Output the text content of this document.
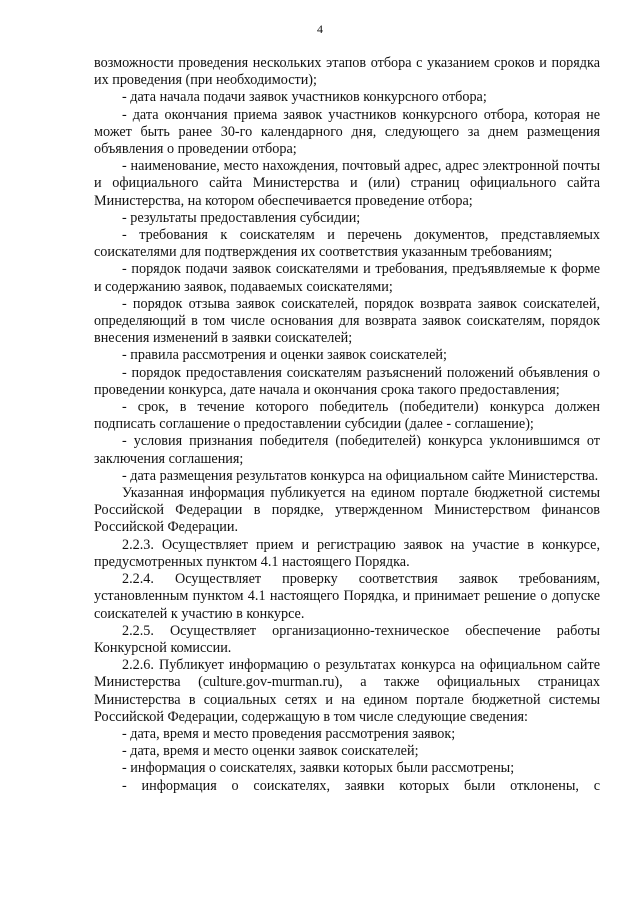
4

возможности проведения нескольких этапов отбора с указанием сроков и порядка их проведения (при необходимости);

- дата начала подачи заявок участников конкурсного отбора;

- дата окончания приема заявок участников конкурсного отбора, которая не может быть ранее 30-го календарного дня, следующего за днем размещения объявления о проведении отбора;

- наименование, место нахождения, почтовый адрес, адрес электронной почты и официального сайта Министерства и (или) страниц официального сайта Министерства, на котором обеспечивается проведение отбора;

- результаты предоставления субсидии;

- требования к соискателям и перечень документов, представляемых соискателями для подтверждения их соответствия указанным требованиям;

- порядок подачи заявок соискателями и требования, предъявляемые к форме и содержанию заявок, подаваемых соискателями;

- порядок отзыва заявок соискателей, порядок возврата заявок соискателей, определяющий в том числе основания для возврата заявок соискателям, порядок внесения изменений в заявки соискателей;

- правила рассмотрения и оценки заявок соискателей;

- порядок предоставления соискателям разъяснений положений объявления о проведении конкурса, дате начала и окончания срока такого предоставления;

- срок, в течение которого победитель (победители) конкурса должен подписать соглашение о предоставлении субсидии (далее - соглашение);

- условия признания победителя (победителей) конкурса уклонившимся от заключения соглашения;

- дата размещения результатов конкурса на официальном сайте Министерства.

Указанная информация публикуется на едином портале бюджетной системы Российской Федерации в порядке, утвержденном Министерством финансов Российской Федерации.

2.2.3. Осуществляет прием и регистрацию заявок на участие в конкурсе, предусмотренных пунктом 4.1 настоящего Порядка.

2.2.4. Осуществляет проверку соответствия заявок требованиям, установленным пунктом 4.1 настоящего Порядка, и принимает решение о допуске соискателей к участию в конкурсе.

2.2.5. Осуществляет организационно-техническое обеспечение работы Конкурсной комиссии.

2.2.6. Публикует информацию о результатах конкурса на официальном сайте Министерства (culture.gov-murman.ru), а также официальных страницах Министерства в социальных сетях и на едином портале бюджетной системы Российской Федерации, содержащую в том числе следующие сведения:

- дата, время и место проведения рассмотрения заявок;

- дата, время и место оценки заявок соискателей;

- информация о соискателях, заявки которых были рассмотрены;

- информация о соискателях, заявки которых были отклонены, с
